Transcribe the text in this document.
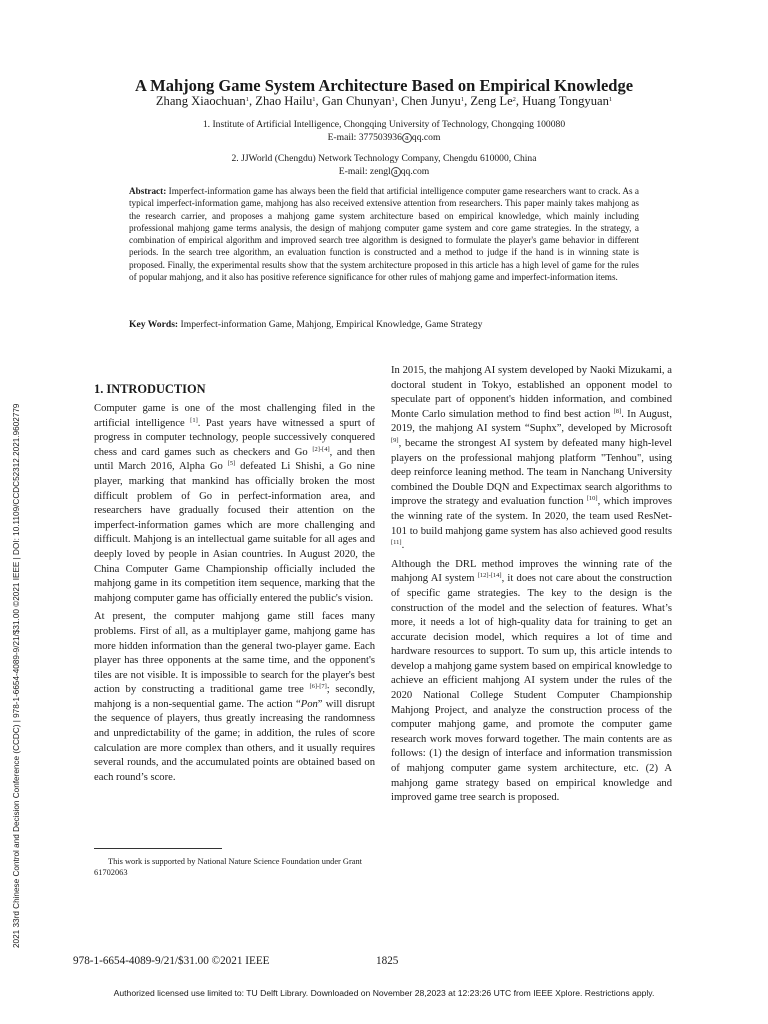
2021 33rd Chinese Control and Decision Conference (CCDC) | 978-1-6654-4089-9/21/$31.00 ©2021 IEEE | DOI: 10.1109/CCDC52312.2021.9602779
A Mahjong Game System Architecture Based on Empirical Knowledge
Zhang Xiaochuan$^1$, Zhao Hailu$^1$, Gan Chunyan$^1$, Chen Junyu$^1$, Zeng Le$^2$, Huang Tongyuan$^1$
1. Institute of Artificial Intelligence, Chongqing University of Technology, Chongqing 100080
E-mail: 377503936 a qq.com
2. JJWorld (Chengdu) Network Technology Company, Chengdu 610000, China
E-mail: zengl a qq.com
Abstract: Imperfect-information game has always been the field that artificial intelligence computer game researchers want to crack. As a typical imperfect-information game, mahjong has also received extensive attention from researchers. This paper mainly takes mahjong as the research carrier, and proposes a mahjong game system architecture based on empirical knowledge, which mainly including professional mahjong game terms analysis, the design of mahjong computer game system and core game strategies. In the strategy, a combination of empirical algorithm and improved search tree algorithm is designed to formulate the player's game behavior in different periods. In the search tree algorithm, an evaluation function is constructed and a method to judge if the hand is in winning state is proposed. Finally, the experimental results show that the system architecture proposed in this article has a high level of game for the rules of popular mahjong, and it also has positive reference significance for other rules of mahjong game and imperfect-information items.
Key Words: Imperfect-information Game, Mahjong, Empirical Knowledge, Game Strategy
1. INTRODUCTION

Computer game is one of the most challenging filed in the artificial intelligence [1]. Past years have witnessed a spurt of progress in computer technology, people successively conquered chess and card games such as checkers and Go [2]-[4], and then until March 2016, Alpha Go [5] defeated Li Shishi, a Go nine player, marking that mankind has officially broken the most difficult problem of Go in perfect-information area, and researchers have gradually focused their attention on the imperfect-information games which are more challenging and difficult. Mahjong is an intellectual game suitable for all ages and deeply loved by people in Asian countries. In August 2020, the China Computer Game Championship officially included the mahjong game in its competition item sequence, marking that the mahjong computer game has officially entered the public's vision.

At present, the computer mahjong game still faces many problems. First of all, as a multiplayer game, mahjong game has more hidden information than the general two-player game. Each player has three opponents at the same time, and the opponent's tiles are not visible. It is impossible to search for the player's best action by constructing a traditional game tree [6]-[7]; secondly, mahjong is a non-sequential game. The action “Pon” will disrupt the sequence of players, thus greatly increasing the randomness and unpredictability of the game; in addition, the rules of score calculation are more complex than others, and it usually requires several rounds, and the accumulated points are obtained based on each round’s score.

In 2015, the mahjong AI system developed by Naoki Mizukami, a doctoral student in Tokyo, established an opponent model to speculate part of opponent's hidden information, and combined Monte Carlo simulation method to find best action [8]. In August, 2019, the mahjong AI system “Suphx”, developed by Microsoft [9], became the strongest AI system by defeated many high-level players on the professional mahjong platform "Tenhou", using deep reinforce leaning method. The team in Nanchang University combined the Double DQN and Expectimax search algorithms to improve the strategy and evaluation function [10], which improves the winning rate of the system. In 2020, the team used ResNet-101 to build mahjong game system has also achieved good results [11].

Although the DRL method improves the winning rate of the mahjong AI system [12]-[14], it does not care about the construction of specific game strategies. The key to the design is the construction of the model and the selection of features. What’s more, it needs a lot of high-quality data for training to get an accurate decision model, which requires a lot of time and hardware resources to support. To sum up, this article intends to develop a mahjong game system based on empirical knowledge to achieve an efficient mahjong AI system under the rules of the 2020 National College Student Computer Championship Mahjong Project, and analyze the construction process of the computer mahjong game, and promote the computer game research work moves forward together. The main contents are as follows: (1) the design of interface and information transmission of mahjong computer game system architecture, etc. (2) A mahjong game strategy based on empirical knowledge and improved game tree search is proposed.

This work is supported by National Nature Science Foundation under Grant 61702063
978-1-6654-4089-9/21/$31.00 ©2021 IEEE	1825
Authorized licensed use limited to: TU Delft Library. Downloaded on November 28,2023 at 12:23:26 UTC from IEEE Xplore. Restrictions apply.
